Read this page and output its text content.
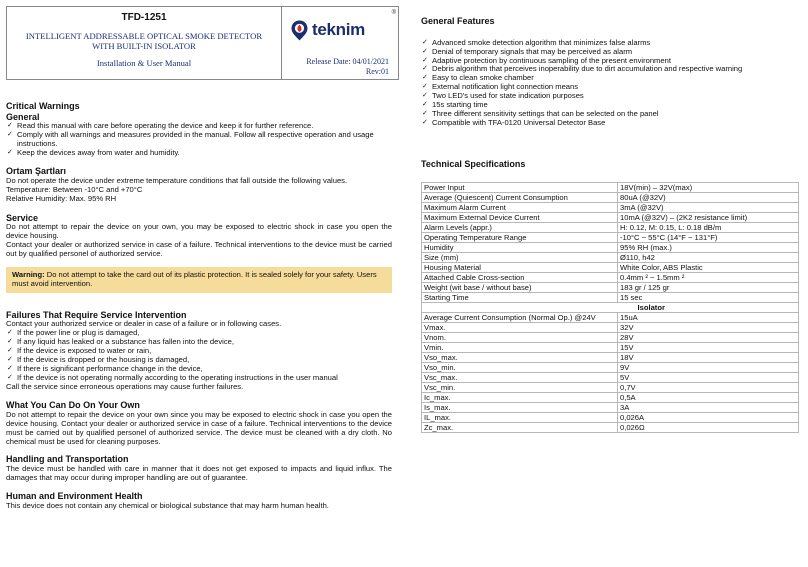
TFD-1251
INTELLIGENT ADDRESSABLE OPTICAL SMOKE DETECTOR
WITH BUILT-IN ISOLATOR
Installation & User Manual
®
teknim
Release Date: 04/01/2021
Rev:01
Critical Warnings
General
✓ Read this manual with care before operating the device and keep it for further reference.
✓ Comply with all warnings and measures provided in the manual. Follow all respective operation and usage instructions.
✓ Keep the devices away from water and humidity.
Ortam Şartları

Do not operate the device under extreme temperature conditions that fall outside the following values.

Temperature: Between -10°C and +70°C

Relative Humidity: Max. 95% RH

Service

Do not attempt to repair the device on your own, you may be exposed to electric shock in case you open the device housing.

Contact your dealer or authorized service in case of a failure. Technical interventions to the device must be carried out by qualified personel of authorized service.

Warning: Do not attempt to take the card out of its plastic protection. It is sealed solely for your safety. Users must avoid intervention.
Failures That Require Service Intervention

Contact your authorized service or dealer in case of a failure or in following cases.

✓ If the power line or plug is damaged,
✓ If any liquid has leaked or a substance has fallen into the device,
✓ If the device is exposed to water or rain,
✓ If the device is dropped or the housing is damaged,
✓ If there is significant performance change in the device,
✓ If the device is not operating normally according to the operating instructions in the user manual

Call the service since erroneous operations may cause further failures.

What You Can Do On Your Own

Do not attempt to repair the device on your own since you may be exposed to electric shock in case you open the device housing. Contact your dealer or authorized service in case of a failure. Technical interventions to the device must be carried out by qualified personel of authorized service. The device must be cleaned with a dry cloth. No chemical must be used for cleaning purposes.

Handling and Transportation

The device must be handled with care in manner that it does not get exposed to impacts and liquid influx. The damages that may occur during improper handling are out of guarantee.

Human and Environment Health

This device does not contain any chemical or biological substance that may harm human health.

General Features
✓ Advanced smoke detection algorithm that minimizes false alarms
✓ Denial of temporary signals that may be perceived as alarm
✓ Adaptive protection by continuous sampling of the present environment
✓ Debris algorithm that perceives inoperability due to dirt accumulation and respective warning
✓ Easy to clean smoke chamber
✓ External notification light connection means
✓ Two LED's used for state indication purposes
✓ 15s starting time
✓ Three different sensitivity settings that can be selected on the panel
✓ Compatible with TFA-0120 Universal Detector Base
Technical Specifications
Power Input	18V(min) – 32V(max)
Average (Quiescent) Current Consumption	80uA (@32V)
Maximum Alarm Current	3mA (@32V)
Maximum External Device Current	10mA (@32V) – (2K2 resistance limit)
Alarm Levels (appr.)	H: 0.12, M: 0.15, L: 0.18 dB/m
Operating Temperature Range	-10°C ~ 55°C (14°F ~ 131°F)
Humidity	95% RH (max.)
Size (mm)	Ø110, h42
Housing Material	White Color, ABS Plastic
Attached Cable Cross-section	0.4mm ² ~ 1.5mm ²
Weight (wit base / without base)	183 gr / 125 gr
Starting Time	15 sec
	Isolator
Average Current Consumption (Normal Op.) @24V	15uA
Vmax.	32V
Vnom.	28V
Vmin.	15V
Vso_max.	18V
Vso_min.	9V
Vsc_max.	5V
Vsc_min.	0,7V
Ic_max.	0,5A
Is_max.	3A
IL_max.	0,026A
Zc_max.	0,026Ω
